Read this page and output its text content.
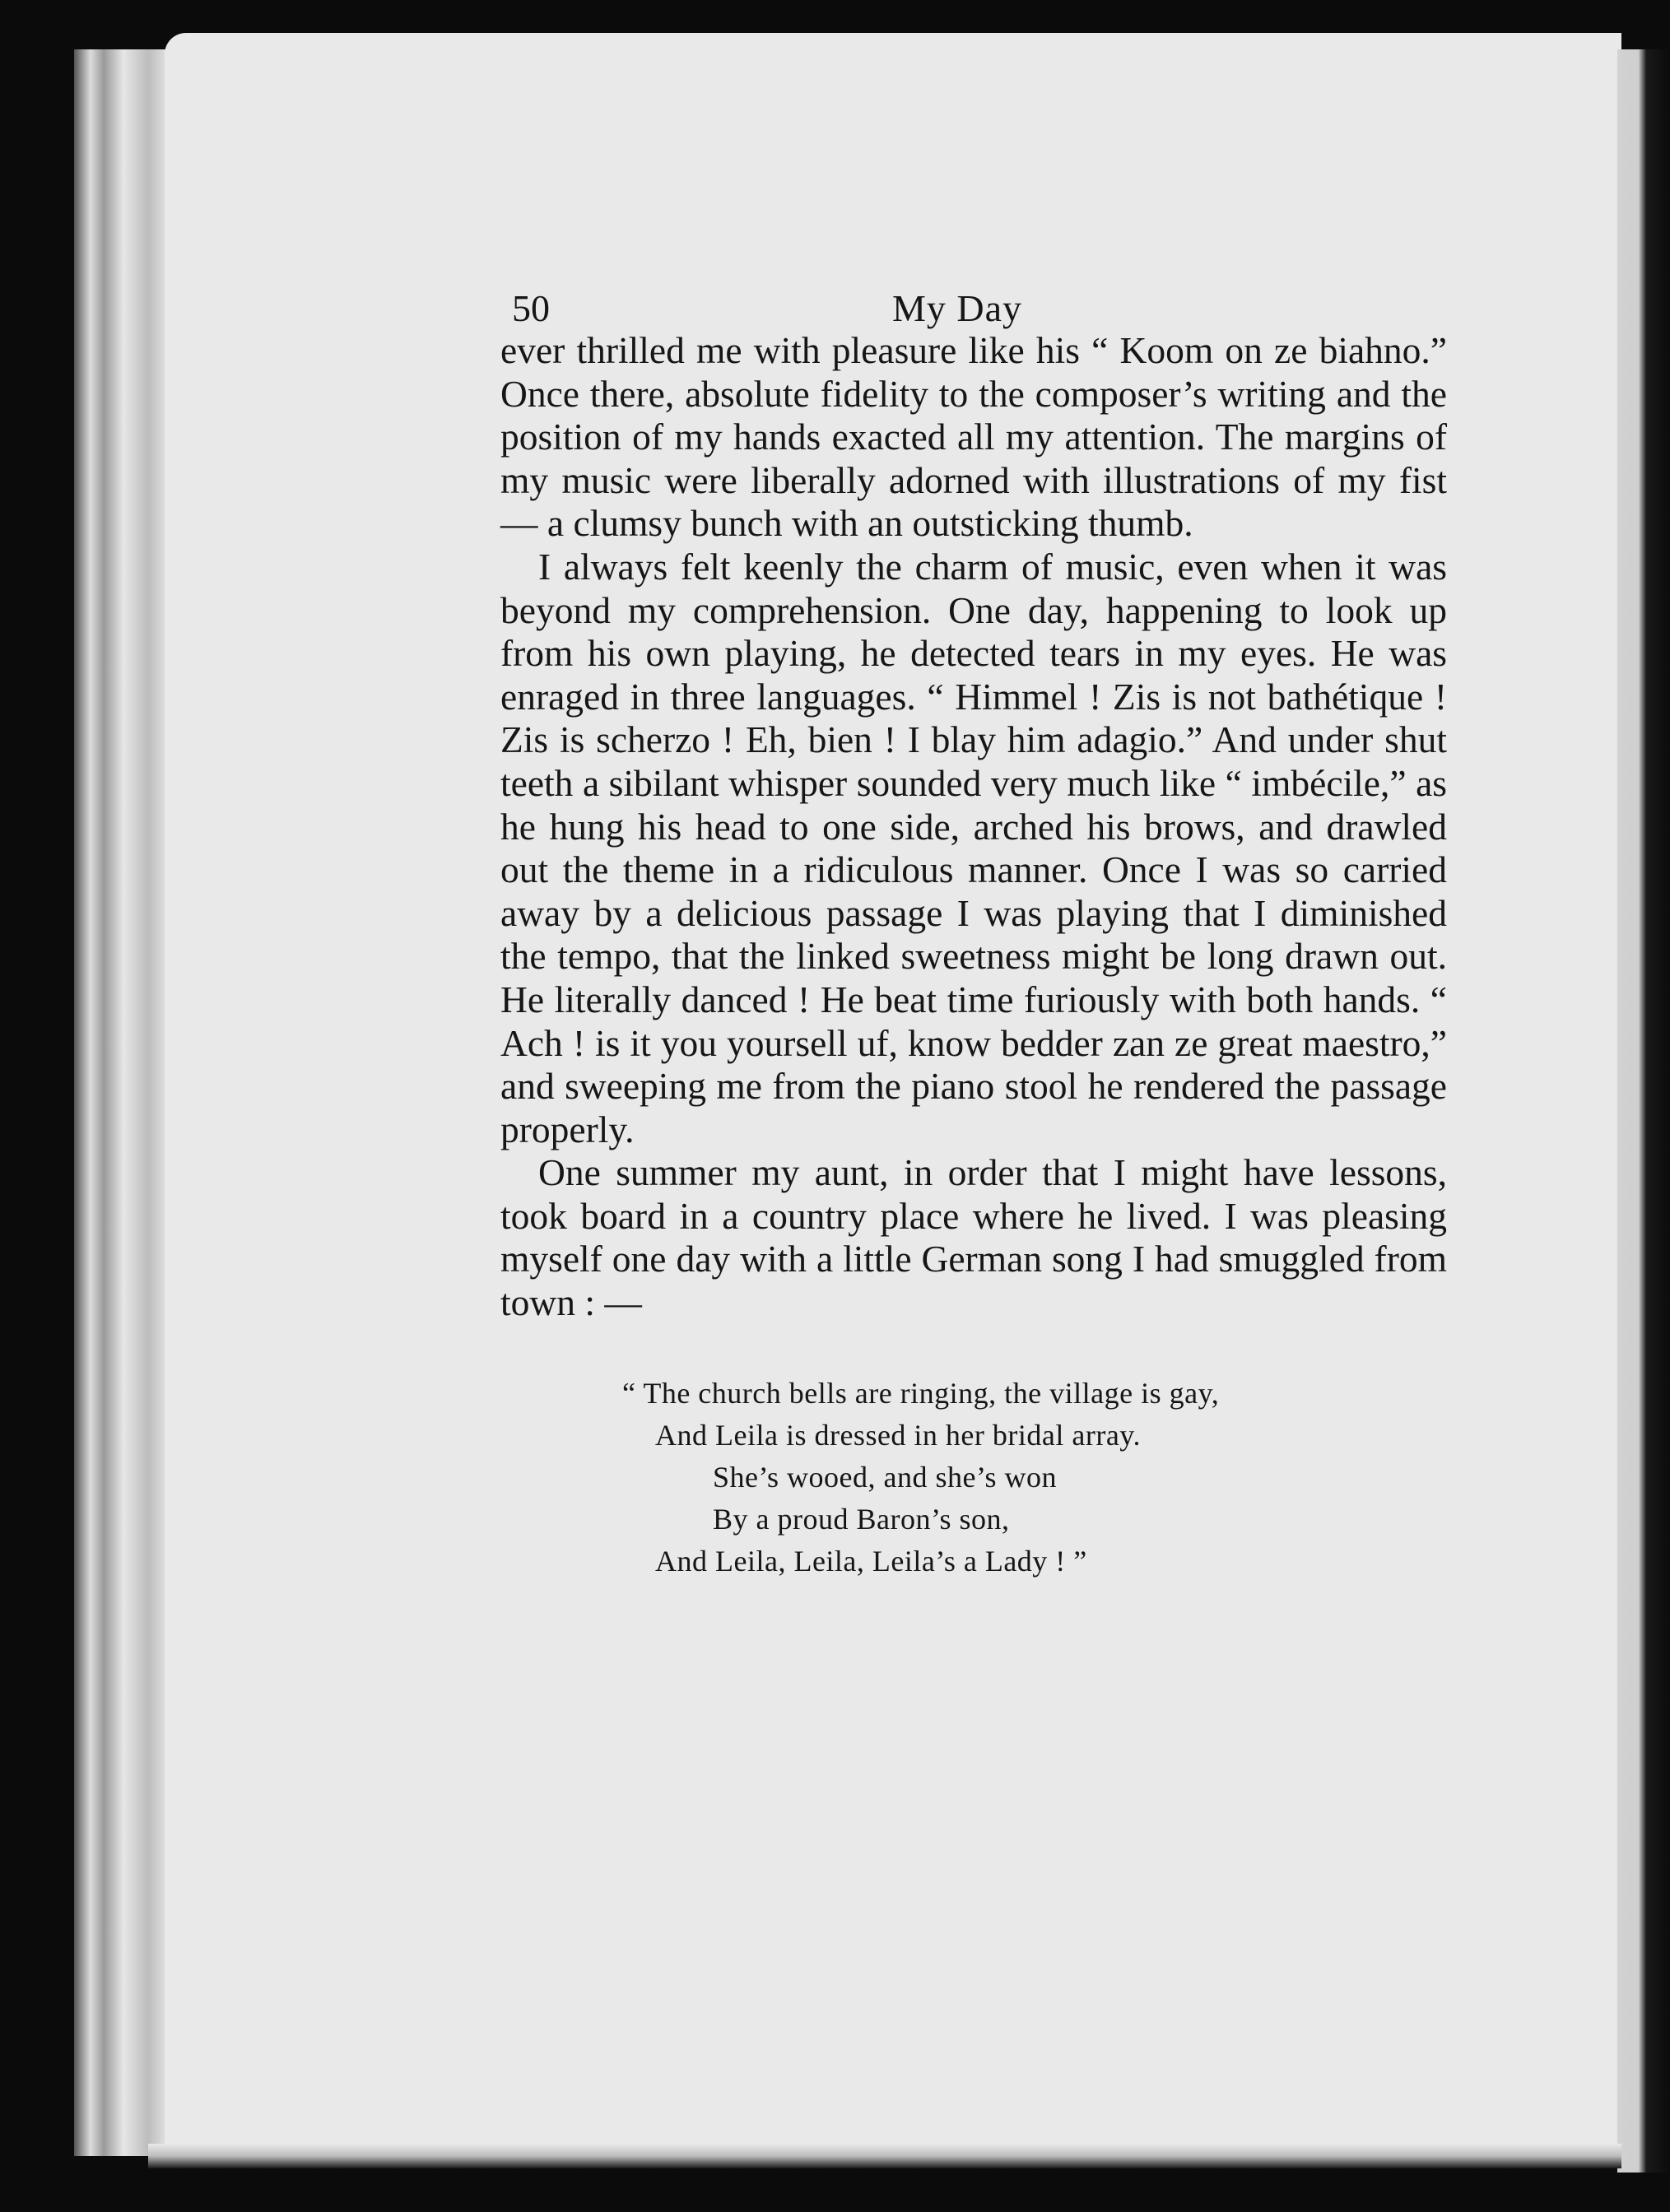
50	My Day

ever thrilled me with pleasure like his “ Koom on ze biahno.” Once there, absolute fidelity to the composer’s writing and the position of my hands exacted all my attention. The margins of my music were liberally adorned with illustrations of my fist — a clumsy bunch with an outsticking thumb.

I always felt keenly the charm of music, even when it was beyond my comprehension. One day, happening to look up from his own playing, he detected tears in my eyes. He was enraged in three languages. “ Himmel ! Zis is not bathétique ! Zis is scherzo ! Eh, bien ! I blay him adagio.” And under shut teeth a sibilant whisper sounded very much like “ imbécile,” as he hung his head to one side, arched his brows, and drawled out the theme in a ridiculous manner. Once I was so carried away by a delicious passage I was playing that I diminished the tempo, that the linked sweetness might be long drawn out. He literally danced ! He beat time furiously with both hands. “ Ach ! is it you yoursell uf, know bedder zan ze great maestro,” and sweeping me from the piano stool he rendered the passage properly.

One summer my aunt, in order that I might have lessons, took board in a country place where he lived. I was pleasing myself one day with a little German song I had smuggled from town : —

“ The church bells are ringing, the village is gay,
And Leila is dressed in her bridal array.
She’s wooed, and she’s won
By a proud Baron’s son,
And Leila, Leila, Leila’s a Lady ! ”
